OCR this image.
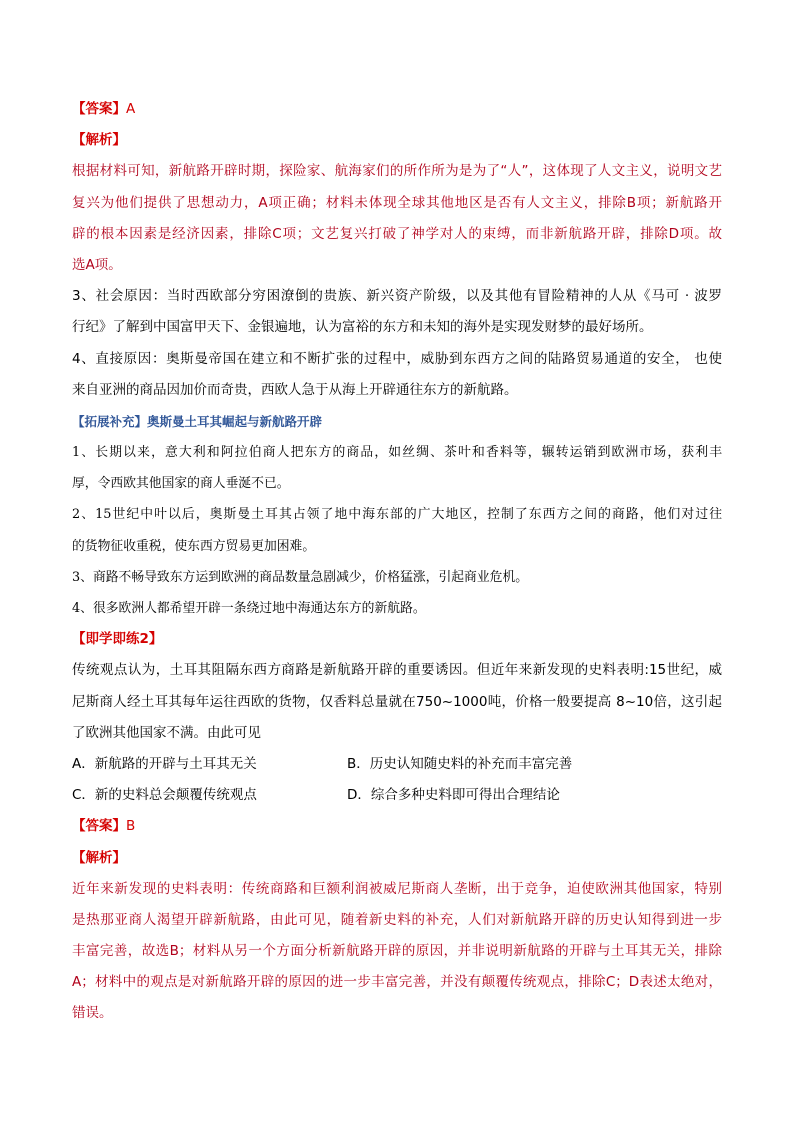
【答案】A
【解析】
根据材料可知，新航路开辟时期，探险家、航海家们的所作所为是为了“人”，这体现了人文主义，说明文艺
复兴为他们提供了思想动力，A项正确；材料未体现全球其他地区是否有人文主义，排除B项；新航路开
辟的根本因素是经济因素，排除C项；文艺复兴打破了神学对人的束缚，而非新航路开辟，排除D项。故
选A项。
3、社会原因：当时西欧部分穷困潦倒的贵族、新兴资产阶级，以及其他有冒险精神的人从《马可 · 波罗
行纪》了解到中国富甲天下、金银遍地，认为富裕的东方和未知的海外是实现发财梦的最好场所。
4、直接原因：奥斯曼帝国在建立和不断扩张的过程中，威胁到东西方之间的陆路贸易通道的安全， 也使
来自亚洲的商品因加价而奇贵，西欧人急于从海上开辟通往东方的新航路。
【拓展补充】奥斯曼土耳其崛起与新航路开辟
1、长期以来，意大利和阿拉伯商人把东方的商品，如丝绸、茶叶和香料等，辗转运销到欧洲市场，获利丰
厚，令西欧其他国家的商人垂涎不已。
2、15世纪中叶以后，奥斯曼土耳其占领了地中海东部的广大地区，控制了东西方之间的商路，他们对过往
的货物征收重税，使东西方贸易更加困难。
3、商路不畅导致东方运到欧洲的商品数量急剧减少，价格猛涨，引起商业危机。
4、很多欧洲人都希望开辟一条绕过地中海通达东方的新航路。
【即学即练2】
传统观点认为，土耳其阻隔东西方商路是新航路开辟的重要诱因。但近年来新发现的史料表明:15世纪，威
尼斯商人经土耳其每年运往西欧的货物，仅香料总量就在750~1000吨，价格一般要提高 8~10倍，这引起
了欧洲其他国家不满。由此可见
A．新航路的开辟与土耳其无关	B．历史认知随史料的补充而丰富完善
C．新的史料总会颠覆传统观点	D．综合多种史料即可得出合理结论
【答案】B
【解析】
近年来新发现的史料表明：传统商路和巨额利润被威尼斯商人垄断，出于竞争，迫使欧洲其他国家，特别
是热那亚商人渴望开辟新航路，由此可见，随着新史料的补充，人们对新航路开辟的历史认知得到进一步
丰富完善，故选B；材料从另一个方面分析新航路开辟的原因，并非说明新航路的开辟与土耳其无关，排除
A；材料中的观点是对新航路开辟的原因的进一步丰富完善，并没有颠覆传统观点，排除C；D表述太绝对，
错误。
